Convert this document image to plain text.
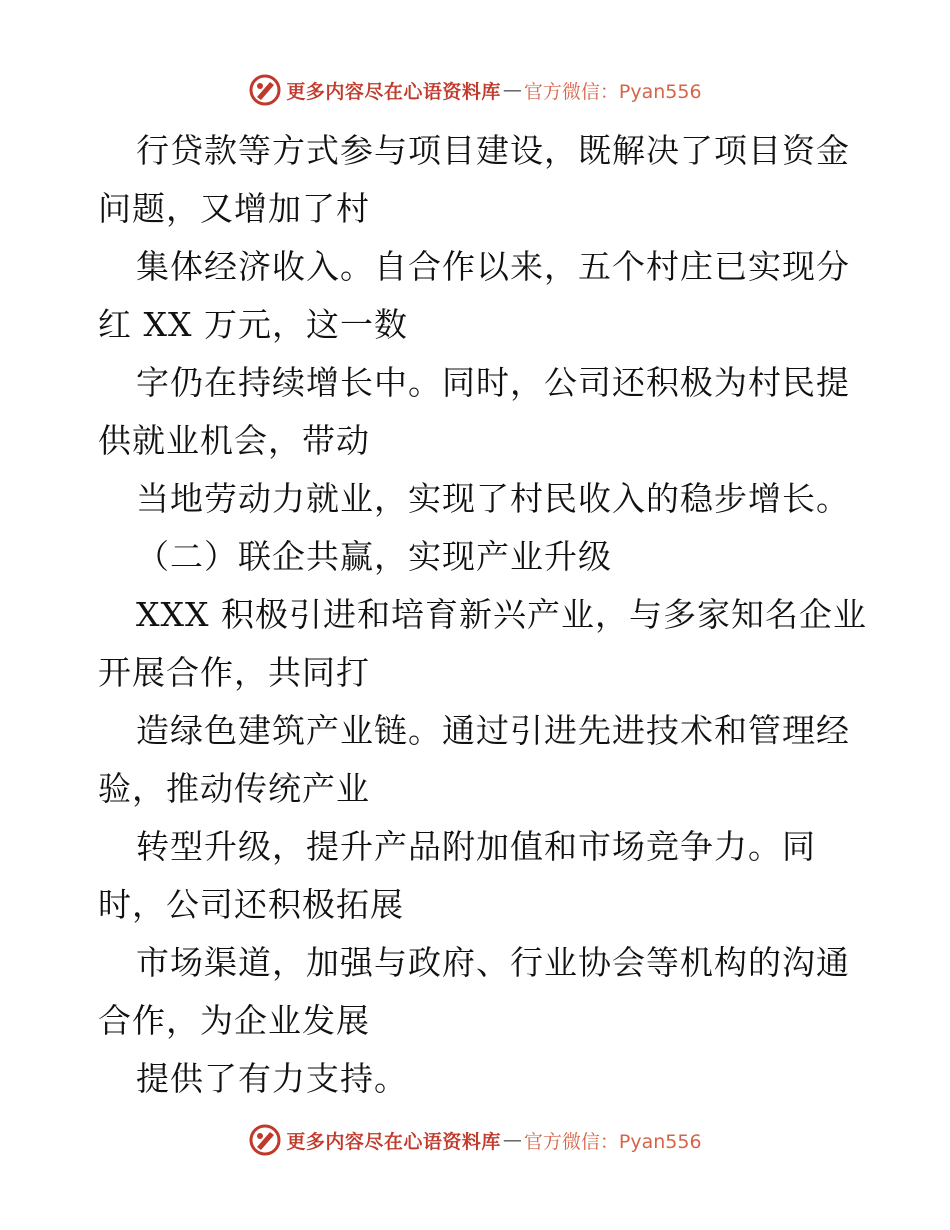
更多内容尽在心语资料库 — 官方微信：Pyan556
行贷款等方式参与项目建设，既解决了项目资金
问题，又增加了村
集体经济收入。自合作以来，五个村庄已实现分
红 XX 万元，这一数
字仍在持续增长中。同时，公司还积极为村民提
供就业机会，带动
当地劳动力就业，实现了村民收入的稳步增长。
（二）联企共赢，实现产业升级
XXX 积极引进和培育新兴产业，与多家知名企业
开展合作，共同打
造绿色建筑产业链。通过引进先进技术和管理经
验，推动传统产业
转型升级，提升产品附加值和市场竞争力。同
时，公司还积极拓展
市场渠道，加强与政府、行业协会等机构的沟通
合作，为企业发展
提供了有力支持。
更多内容尽在心语资料库 — 官方微信：Pyan556
